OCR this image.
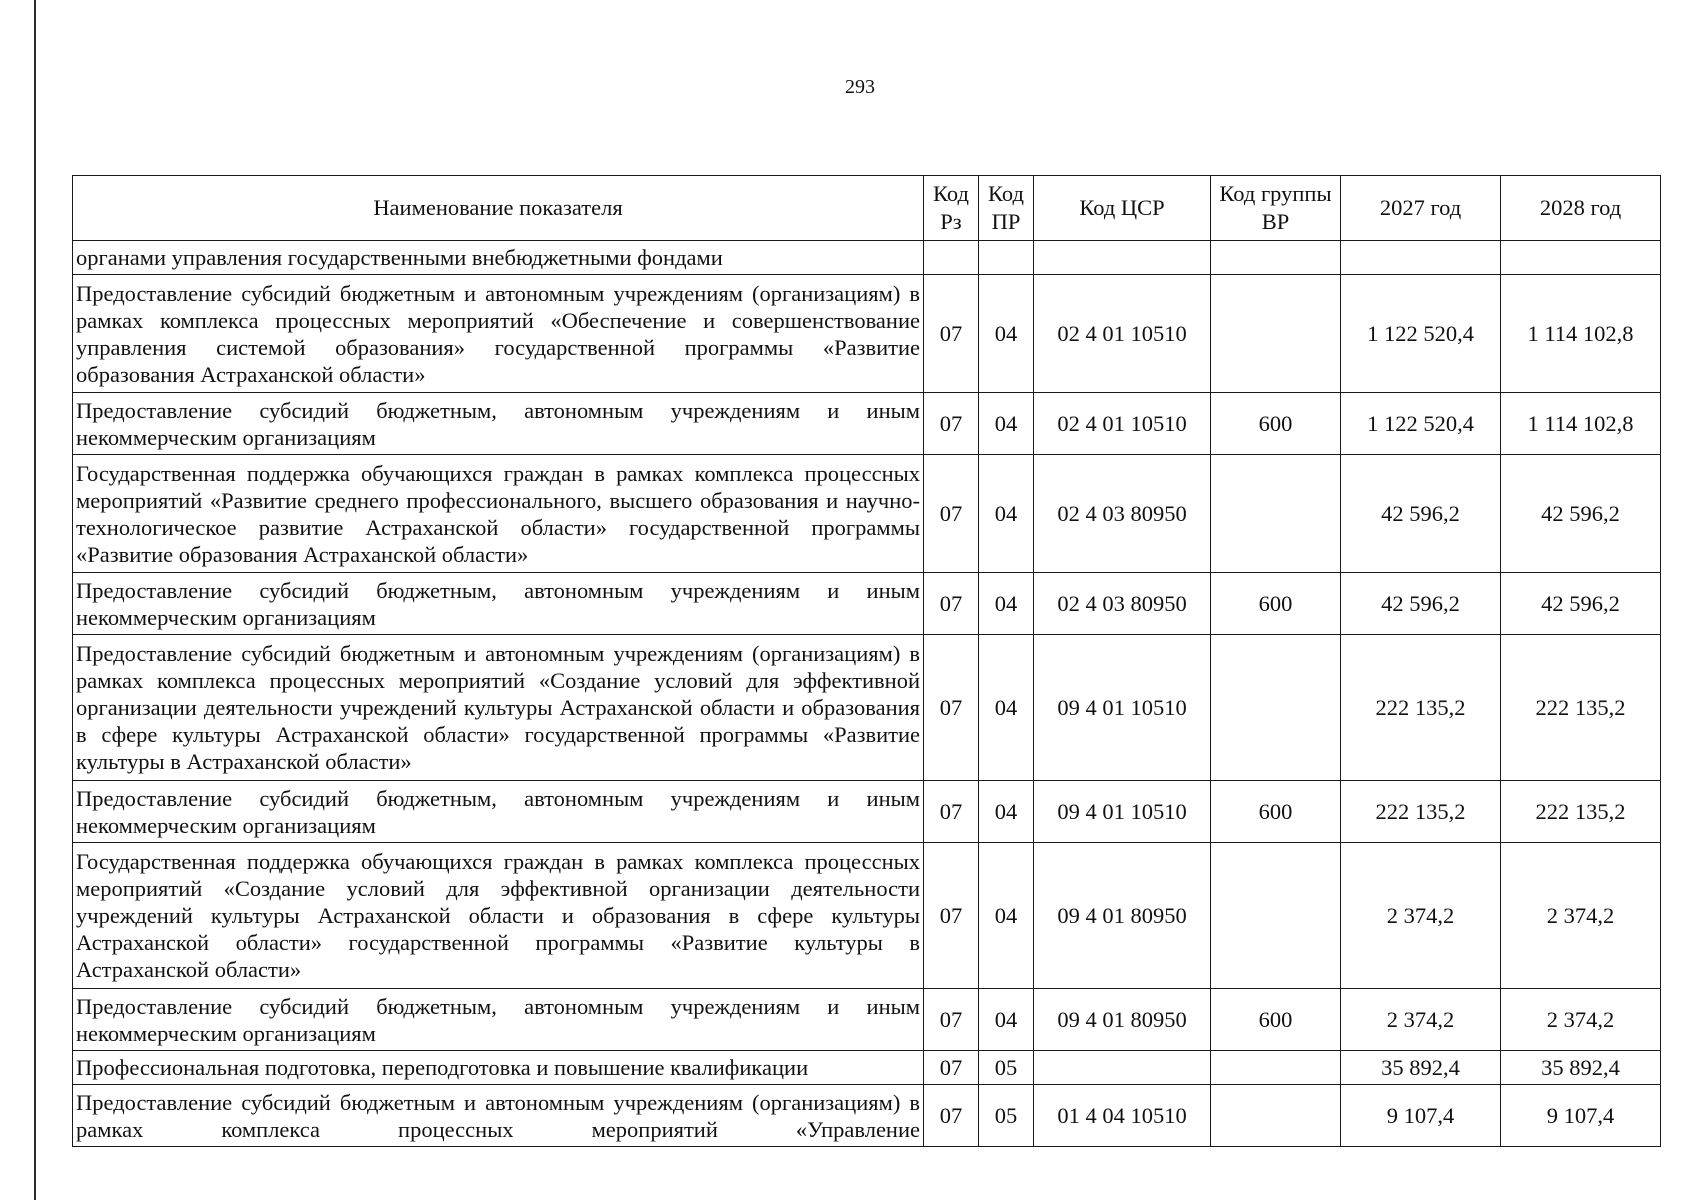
293
Наименование показателя	Код Рз	Код ПР	Код ЦСР	Код группы ВР	2027 год	2028 год
органами управления государственными внебюджетными фондами						
Предоставление субсидий бюджетным и автономным учреждениям (организациям) в рамках комплекса процессных мероприятий «Обеспечение и совершенствование управления системой образования» государственной программы «Развитие образования Астраханской области»	07	04	02 4 01 10510		1 122 520,4	1 114 102,8
Предоставление субсидий бюджетным, автономным учреждениям и иным некоммерческим организациям	07	04	02 4 01 10510	600	1 122 520,4	1 114 102,8
Государственная поддержка обучающихся граждан в рамках комплекса процессных мероприятий «Развитие среднего профессионального, высшего образования и научно-технологическое развитие Астраханской области» государственной программы «Развитие образования Астраханской области»	07	04	02 4 03 80950		42 596,2	42 596,2
Предоставление субсидий бюджетным, автономным учреждениям и иным некоммерческим организациям	07	04	02 4 03 80950	600	42 596,2	42 596,2
Предоставление субсидий бюджетным и автономным учреждениям (организациям) в рамках комплекса процессных мероприятий «Создание условий для эффективной организации деятельности учреждений культуры Астраханской области и образования в сфере культуры Астраханской области» государственной программы «Развитие культуры в Астраханской области»	07	04	09 4 01 10510		222 135,2	222 135,2
Предоставление субсидий бюджетным, автономным учреждениям и иным некоммерческим организациям	07	04	09 4 01 10510	600	222 135,2	222 135,2
Государственная поддержка обучающихся граждан в рамках комплекса процессных мероприятий «Создание условий для эффективной организации деятельности учреждений культуры Астраханской области и образования в сфере культуры Астраханской области» государственной программы «Развитие культуры в Астраханской области»	07	04	09 4 01 80950		2 374,2	2 374,2
Предоставление субсидий бюджетным, автономным учреждениям и иным некоммерческим организациям	07	04	09 4 01 80950	600	2 374,2	2 374,2
Профессиональная подготовка, переподготовка и повышение квалификации	07	05			35 892,4	35 892,4
Предоставление субсидий бюджетным и автономным учреждениям (организациям) в рамках комплекса процессных мероприятий «Управление	07	05	01 4 04 10510		9 107,4	9 107,4
